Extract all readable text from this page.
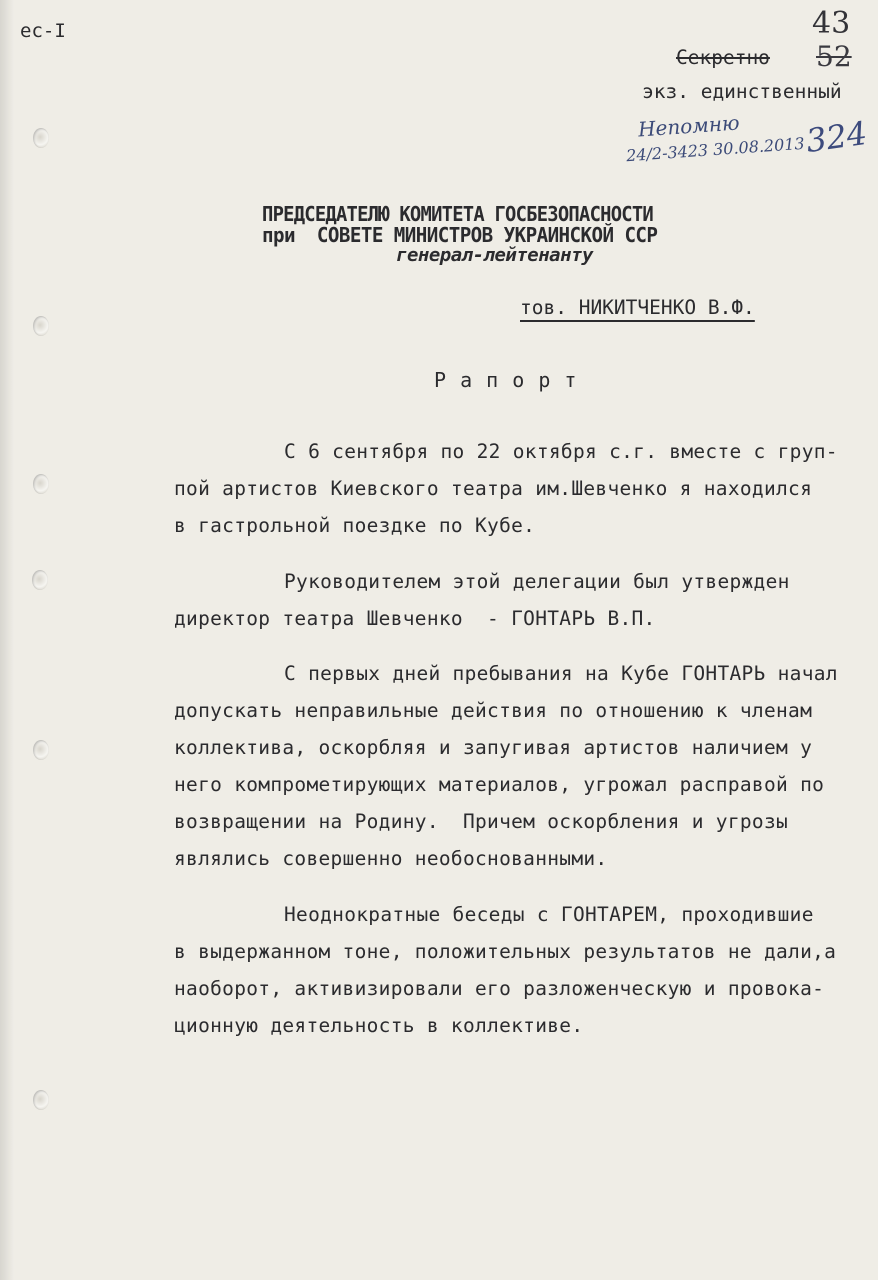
ес-I	43
52
Секретно
экз. единственный
Непомню
24/2-3423 30.08.2013
324
ПРЕДСЕДАТЕЛЮ КОМИТЕТА ГОСБЕЗОПАСНОСТИ
при  СОВЕТЕ МИНИСТРОВ УКРАИНСКОЙ ССР
генерал-лейтенанту
тов. НИКИТЧЕНКО В.Ф.
Р а п о р т
С 6 сентября по 22 октября с.г. вместе с груп-
пой артистов Киевского театра им.Шевченко я находился
в гастрольной поездке по Кубе.
Руководителем этой делегации был утвержден
директор театра Шевченко  - ГОНТАРЬ В.П.
С первых дней пребывания на Кубе ГОНТАРЬ начал
допускать неправильные действия по отношению к членам
коллектива, оскорбляя и запугивая артистов наличием у
него компрометирующих материалов, угрожал расправой по
возвращении на Родину.  Причем оскорбления и угрозы
являлись совершенно необоснованными.
Неоднократные беседы с ГОНТАРЕМ, проходившие
в выдержанном тоне, положительных результатов не дали,а
наоборот, активизировали его разложенческую и провока-
ционную деятельность в коллективе.
